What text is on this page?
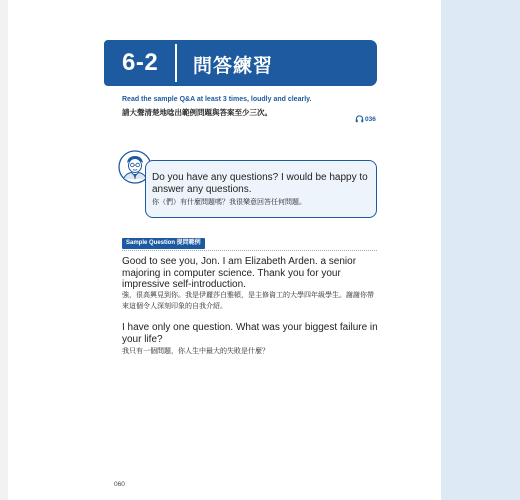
6-2 問答練習
Read the sample Q&A at least 3 times, loudly and clearly.
請大聲清楚地唸出範例問題與答案至少三次。
036
Do you have any questions? I would be happy to answer any questions.
你（們）有什麼問題嗎？我很樂意回答任何問題。
Sample Question 提問範例
Good to see you, Jon. I am Elizabeth Arden. a senior majoring in computer science. Thank you for your impressive self-introduction.
強，很高興見到你。我是伊麗莎白雅頓，是主修資工的大學四年級學生。謝謝你帶來這個令人深刻印象的自我介紹。
I have only one question. What was your biggest failure in your life?
我只有一個問題，你人生中最大的失敗是什麼？
060
